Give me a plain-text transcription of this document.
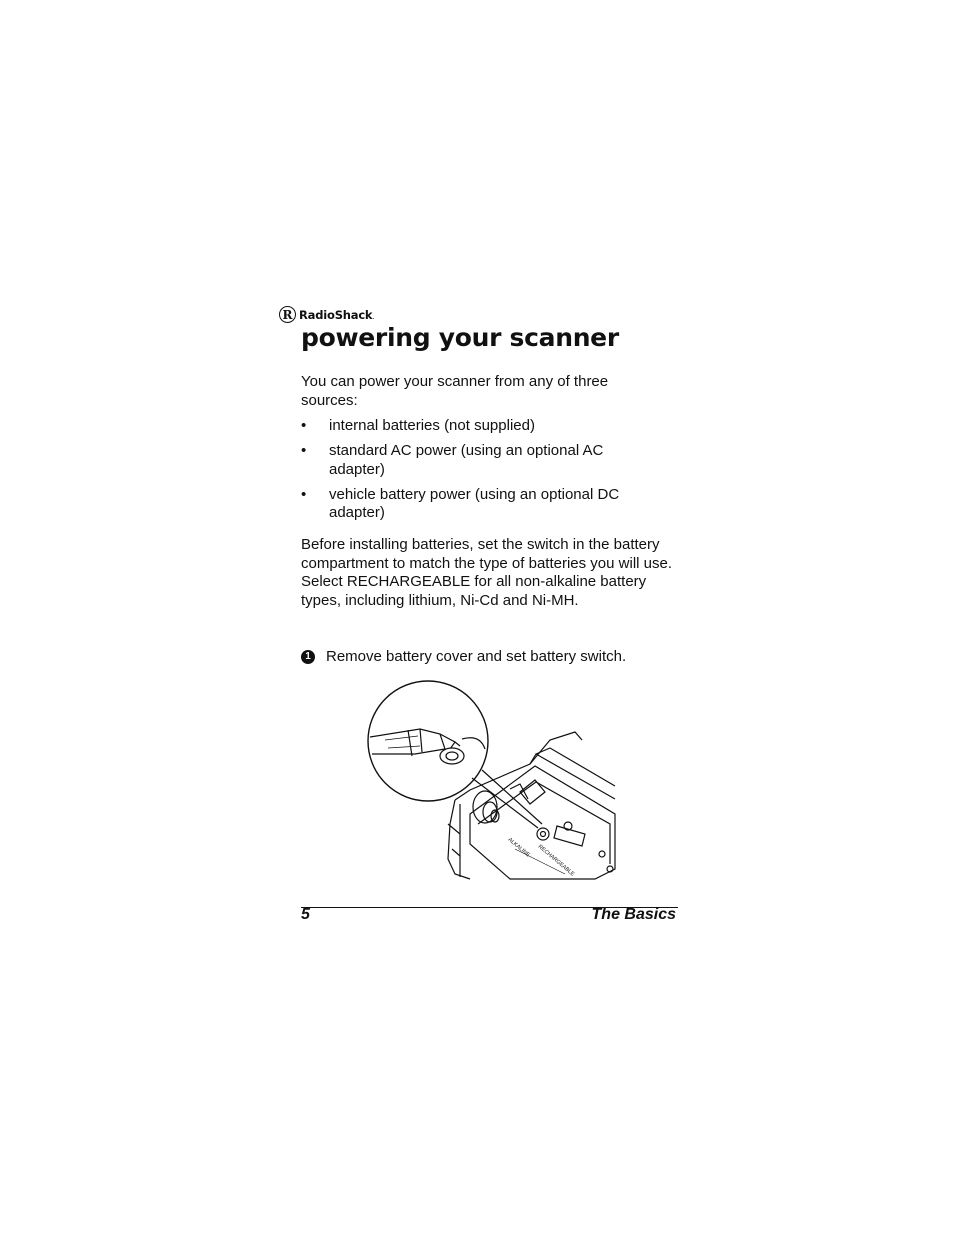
R RadioShack.
powering your scanner
You can power your scanner from any of three sources:
• internal batteries (not supplied)
• standard AC power (using an optional AC adapter)
• vehicle battery power (using an optional DC adapter)
Before installing batteries, set the switch in the battery compartment to match the type of batteries you will use. Select RECHARGEABLE for all non-alkaline battery types, including lithium, Ni-Cd and Ni-MH.
1 Remove battery cover and set battery switch.
ALKALINE RECHARGEABLE
5	The Basics
